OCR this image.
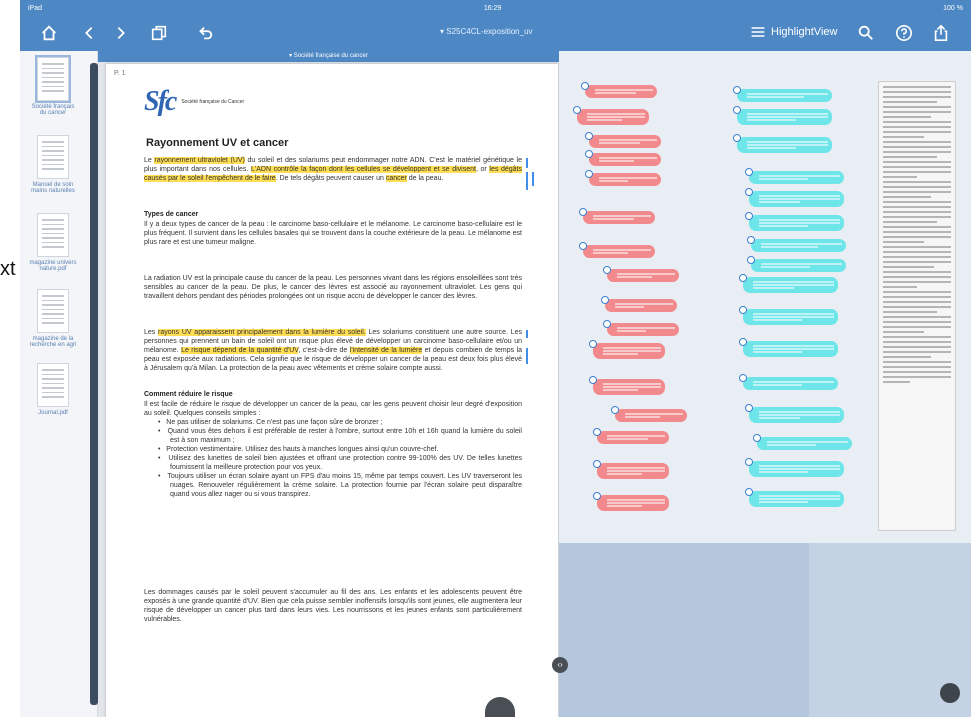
iPad	16:29	100 %
▾ S25C4CL-exposition_uv	HighlightView
xt
Société français du cancer
Manuel de soin mains naturelles
magazine univers nature.pdf
magazine de la recherche en agri
Journal.pdf
▾ Société française du cancer
P. 1
Sfc Société française du Cancer
Rayonnement UV et cancer
Le rayonnement ultraviolet (UV) du soleil et des solariums peut endommager notre ADN. C'est le matériel génétique le plus important dans nos cellules. L'ADN contrôle la façon dont les cellules se développent et se divisent, or les dégâts causés par le soleil l'empêchent de le faire. De tels dégâts peuvent causer un cancer de la peau.
Types de cancer
Il y a deux types de cancer de la peau : le carcinome baso-cellulaire et le mélanome. Le carcinome baso-cellulaire est le plus fréquent. Il survient dans les cellules basales qui se trouvent dans la couche extérieure de la peau. Le mélanome est plus rare et est une tumeur maligne.
La radiation UV est la principale cause du cancer de la peau. Les personnes vivant dans les régions ensoleillées sont très sensibles au cancer de la peau. De plus, le cancer des lèvres est associé au rayonnement ultraviolet. Les gens qui travaillent dehors pendant des périodes prolongées ont un risque accru de développer le cancer des lèvres.
Les rayons UV apparaissent principalement dans la lumière du soleil. Les solariums constituent une autre source. Les personnes qui prennent un bain de soleil ont un risque plus élevé de développer un carcinome baso-cellulaire et/ou un mélanome. Le risque dépend de la quantité d'UV, c'est-à-dire de l'intensité de la lumière et depuis combien de temps la peau est exposée aux radiations. Cela signifie que le risque de développer un cancer de la peau est deux fois plus élevé à Jérusalem qu'à Milan. La protection de la peau avec vêtements et crème solaire compte aussi.
Comment réduire le risque
Il est facile de réduire le risque de développer un cancer de la peau, car les gens peuvent choisir leur degré d'exposition au soleil. Quelques conseils simples :
•   Ne pas utiliser de solariums. Ce n'est pas une façon sûre de bronzer ;
•   Quand vous êtes dehors il est préférable de rester à l'ombre, surtout entre 10h et 16h quand la lumière du soleil est à son maximum ;
•   Protection vestimentaire. Utilisez des hauts à manches longues ainsi qu'un couvre-chef.
•   Utilisez des lunettes de soleil bien ajustées et offrant une protection contre 99-100% des UV. De telles lunettes fournissent la meilleure protection pour vos yeux.
•   Toujours utiliser un écran solaire ayant un FPS d'au moins 15, même par temps couvert. Les UV traverseront les nuages. Renouveler régulièrement la crème solaire. La protection fournie par l'écran solaire peut disparaître quand vous allez nager ou si vous transpirez.
Les dommages causés par le soleil peuvent s'accumuler au fil des ans. Les enfants et les adolescents peuvent être exposés à une grande quantité d'UV. Bien que cela puisse sembler inoffensifs lorsqu'ils sont jeunes, elle augmentera leur risque de développer un cancer plus tard dans leurs vies. Les nourrissons et les jeunes enfants sont particulièrement vulnérables.
‹›
